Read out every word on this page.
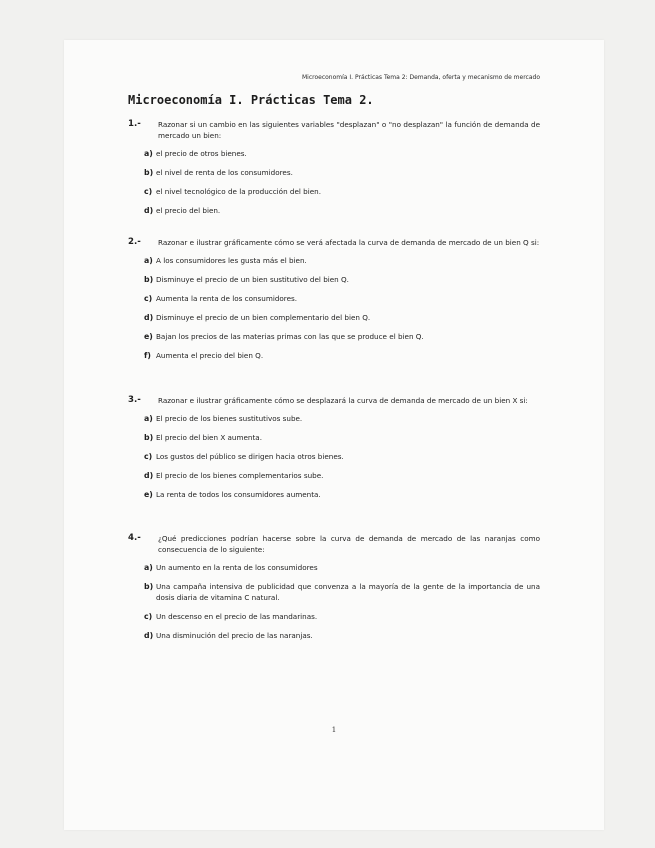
Microeconomía I. Prácticas Tema 2: Demanda, oferta y mecanismo de mercado
Microeconomía I. Prácticas Tema 2.
1.-	Razonar si un cambio en las siguientes variables "desplazan" o "no desplazan" la función de demanda de mercado un bien:
a) el precio de otros bienes.
b) el nivel de renta de los consumidores.
c) el nivel tecnológico de la producción del bien.
d) el precio del bien.
2.-	Razonar e ilustrar gráficamente cómo se verá afectada la curva de demanda de mercado de un bien Q si:
a) A los consumidores les gusta más el bien.
b) Disminuye el precio de un bien sustitutivo del bien Q.
c) Aumenta la renta de los consumidores.
d) Disminuye el precio de un bien complementario del bien Q.
e) Bajan los precios de las materias primas con las que se produce el bien Q.
f) Aumenta el precio del bien Q.
3.-	Razonar e ilustrar gráficamente cómo se desplazará la curva de demanda de mercado de un bien X si:
a) El precio de los bienes sustitutivos sube.
b) El precio del bien X aumenta.
c) Los gustos del público se dirigen hacia otros bienes.
d) El precio de los bienes complementarios sube.
e) La renta de todos los consumidores aumenta.
4.-	¿Qué predicciones podrían hacerse sobre la curva de demanda de mercado de las naranjas como consecuencia de lo siguiente:
a) Un aumento en la renta de los consumidores
b) Una campaña intensiva de publicidad que convenza a la mayoría de la gente de la importancia de una dosis diaria de vitamina C natural.
c) Un descenso en el precio de las mandarinas.
d) Una disminución del precio de las naranjas.
1
